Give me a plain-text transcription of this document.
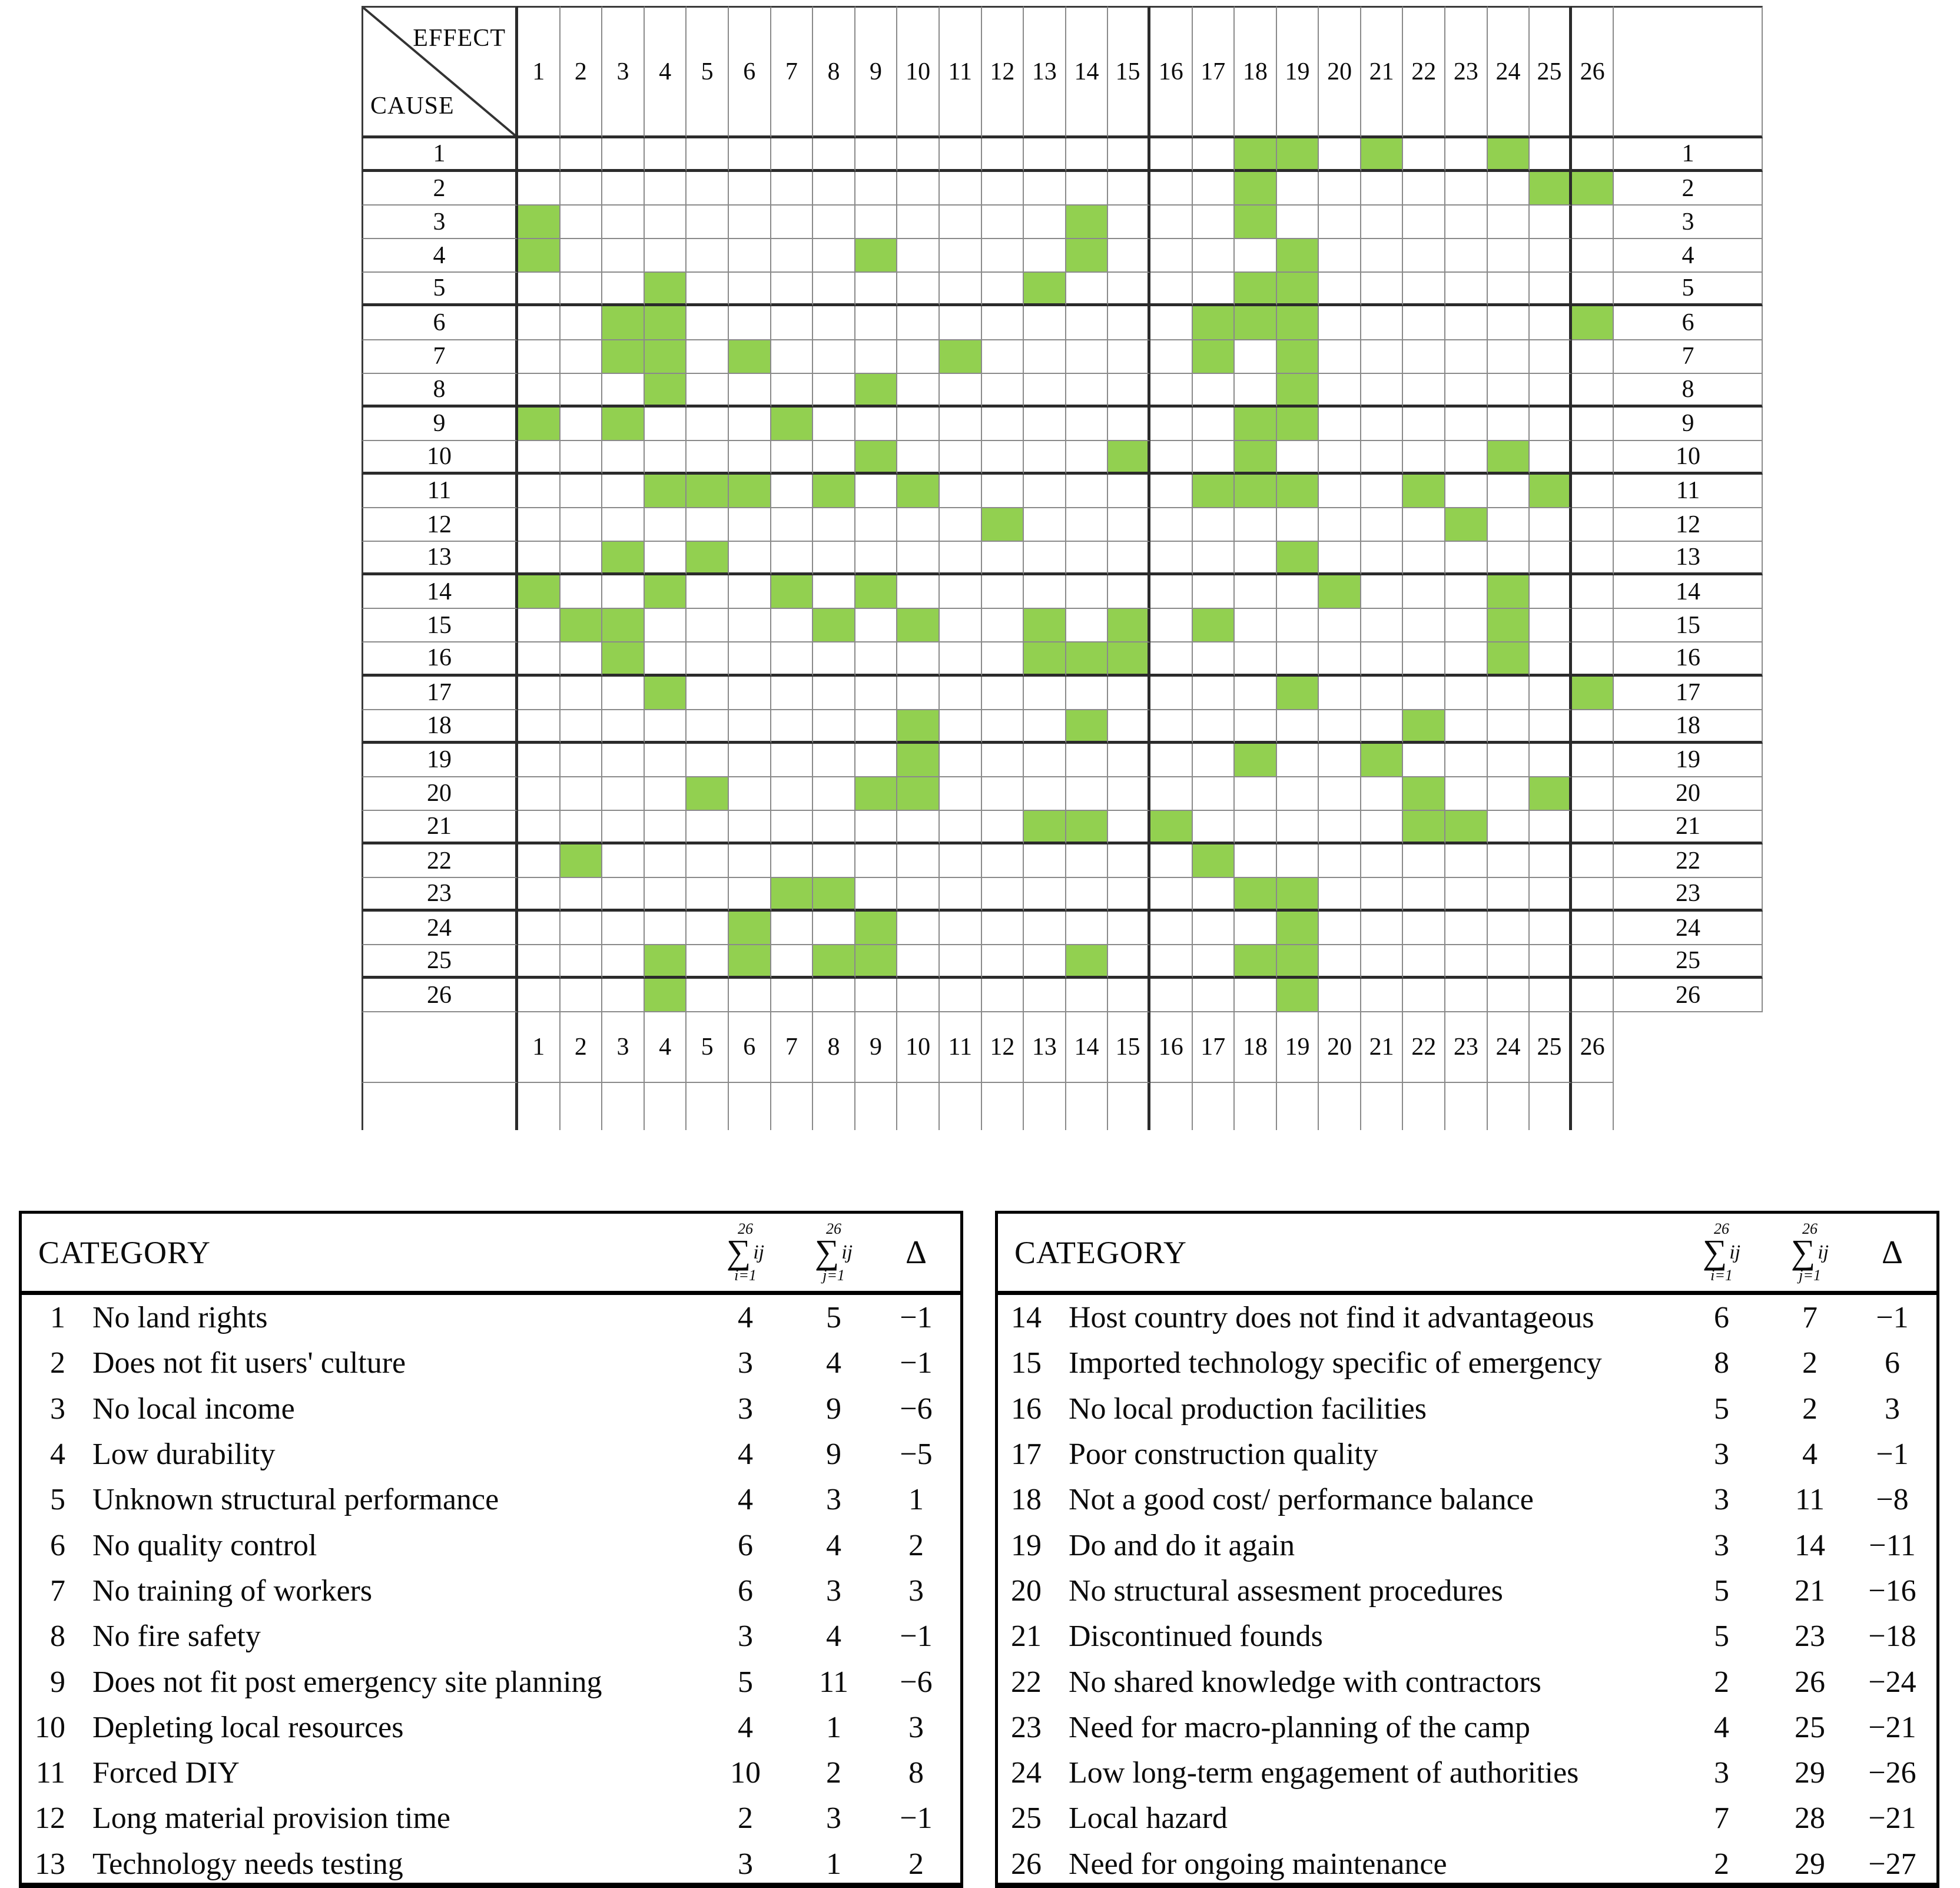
EFFECT
CAUSE
1	2	3	4	5	6	7	8	9 10 11 12 13 14 15 16 17 18 19 20 21 22 23 24 25 26
1	1
2	2
3	3
4	4
5	5
6	6
7	7
8	8
9	9
10	10
11	11
12	12
13	13
14	14
15	15
16	16
17	17
18	18
19	19
20	20
21	21
22	22
23	23
24	24
25	25
26	26
1	2	3	4	5	6	7	8	9 10 11 12 13 14 15 16 17 18 19 20 21 22 23 24 25 26
CATEGORY
26
∑ ij
i=1
26
∑ ij
j=1
Δ
1 No land rights	4	5	−1
2 Does not fit users' culture	3	4	−1
3 No local income	3	9	−6
4 Low durability	4	9	−5
5 Unknown structural performance	4	3	1
6 No quality control	6	4	2
7 No training of workers	6	3	3
8 No fire safety	3	4	−1
9 Does not fit post emergency site planning	5	11	−6
10 Depleting local resources	4	1	3
11 Forced DIY	10	2	8
12 Long material provision time	2	3	−1
13 Technology needs testing	3	1	2
CATEGORY
26
∑ ij
i=1
26
∑ ij
j=1
Δ
14 Host country does not find it advantageous	6	7	−1
15 Imported technology specific of emergency	8	2	6
16 No local production facilities	5	2	3
17 Poor construction quality	3	4	−1
18 Not a good cost/ performance balance	3	11	−8
19 Do and do it again	3	14	−11
20 No structural assesment procedures	5	21	−16
21 Discontinued founds	5	23	−18
22 No shared knowledge with contractors	2	26	−24
23 Need for macro-planning of the camp	4	25	−21
24 Low long-term engagement of authorities	3	29	−26
25 Local hazard	7	28	−21
26 Need for ongoing maintenance	2	29	−27
